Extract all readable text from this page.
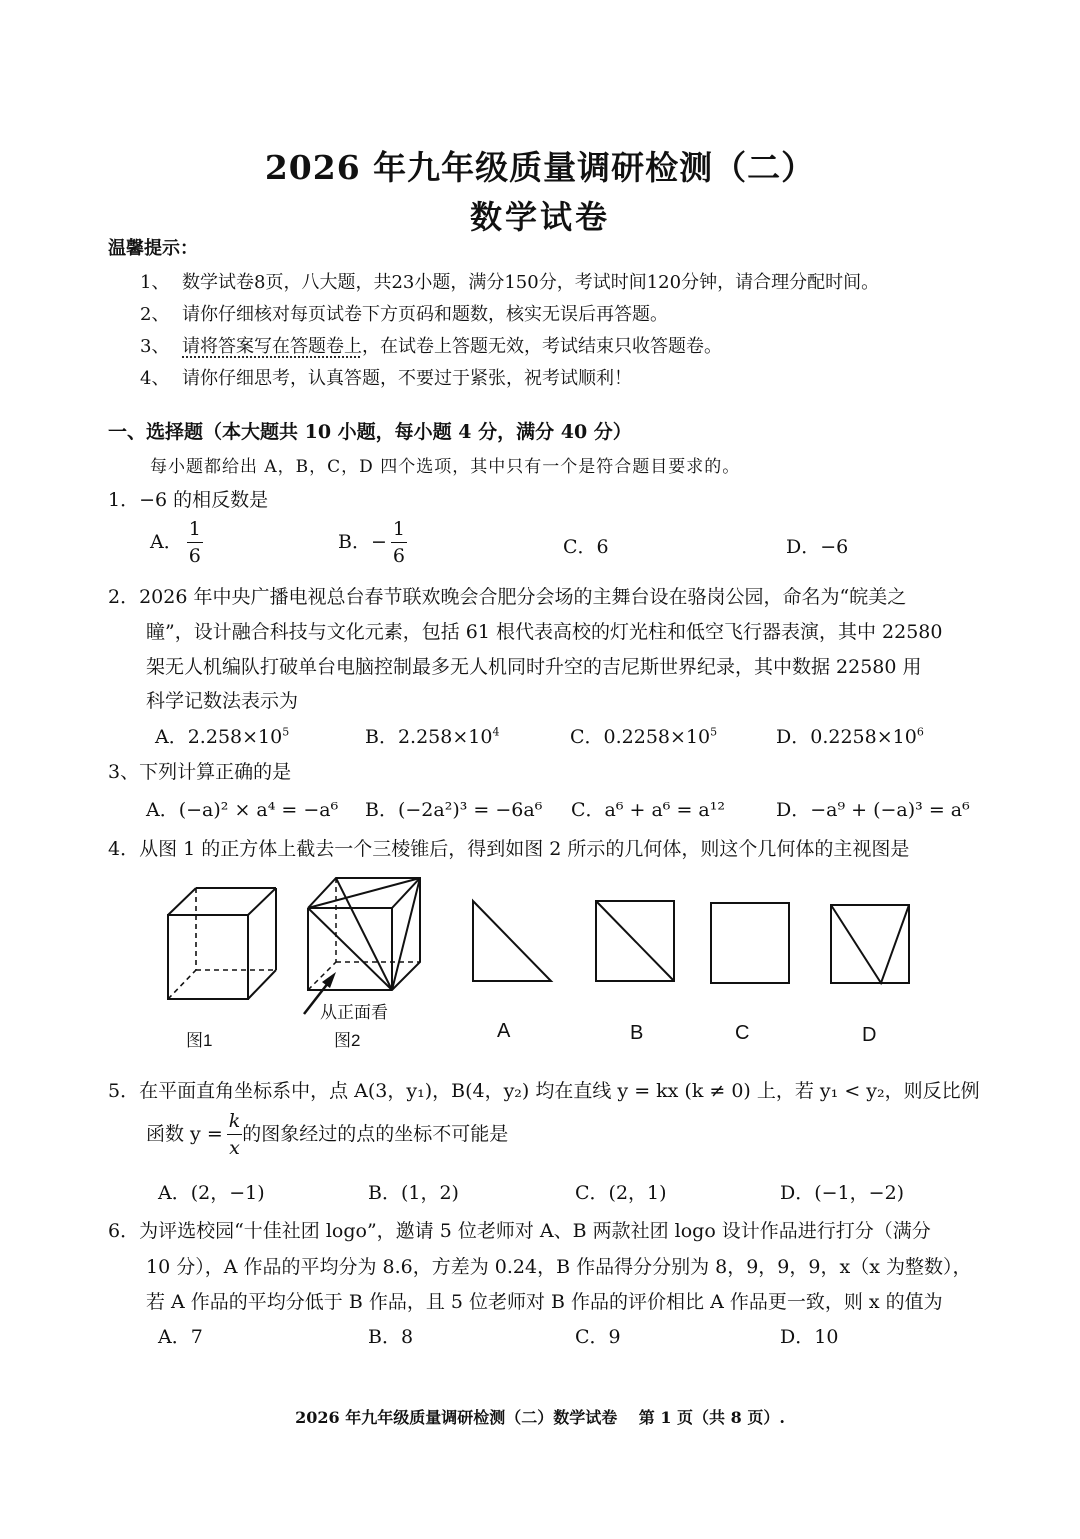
2026 年九年级质量调研检测（二）
数学试卷
温馨提示：
1、 数学试卷8页，八大题，共23小题，满分150分，考试时间120分钟，请合理分配时间。
2、 请你仔细核对每页试卷下方页码和题数，核实无误后再答题。
3、 请将答案写在答题卷上，在试卷上答题无效，考试结束只收答题卷。
4、 请你仔细思考，认真答题，不要过于紧张，祝考试顺利！
一、选择题（本大题共 10 小题，每小题 4 分，满分 40 分）
每小题都给出 A，B，C，D 四个选项，其中只有一个是符合题目要求的。
1．−6 的相反数是
A． $\frac{1}{6}$	B．− $\frac{1}{6}$	C．6	D．−6
2．2026 年中央广播电视总台春节联欢晚会合肥分会场的主舞台设在骆岗公园，命名为“皖美之
瞳”，设计融合科技与文化元素，包括 61 根代表高校的灯光柱和低空飞行器表演，其中 22580
架无人机编队打破单台电脑控制最多无人机同时升空的吉尼斯世界纪录，其中数据 22580 用
科学记数法表示为
A．$2.258\times 10^5$	B．$2.258\times 10^4$	C．$0.2258\times 10^5$	D．$0.2258\times 10^6$
3、下列计算正确的是
A．(−a)² × a⁴ = −a⁶ B．(−2a²)³ = −6a⁶ C．a⁶ + a⁶ = a¹²	D．−a⁹ + (−a)³ = a⁶
4．从图 1 的正方体上截去一个三棱锥后，得到如图 2 所示的几何体，则这个几何体的主视图是
图1
从正面看
图2	A	B	C	D
5．在平面直角坐标系中，点 A(3，y₁)，B(4，y₂) 均在直线 y = kx (k ≠ 0) 上，若 y₁ < y₂，则反比例
函数 $y = \frac{k}{x}$ 的图象经过的点的坐标不可能是
A．(2，−1)	B．(1，2)	C．(2，1)	D．(−1，−2)
6．为评选校园“十佳社团 logo”，邀请 5 位老师对 A、B 两款社团 logo 设计作品进行打分（满分
10 分），A 作品的平均分为 8.6，方差为 0.24，B 作品得分分别为 8，9，9，9，x（x 为整数），
若 A 作品的平均分低于 B 作品，且 5 位老师对 B 作品的评价相比 A 作品更一致，则 x 的值为
A．7	B．8	C．9	D．10
2026 年九年级质量调研检测（二）数学试卷　 第 1 页（共 8 页）.
